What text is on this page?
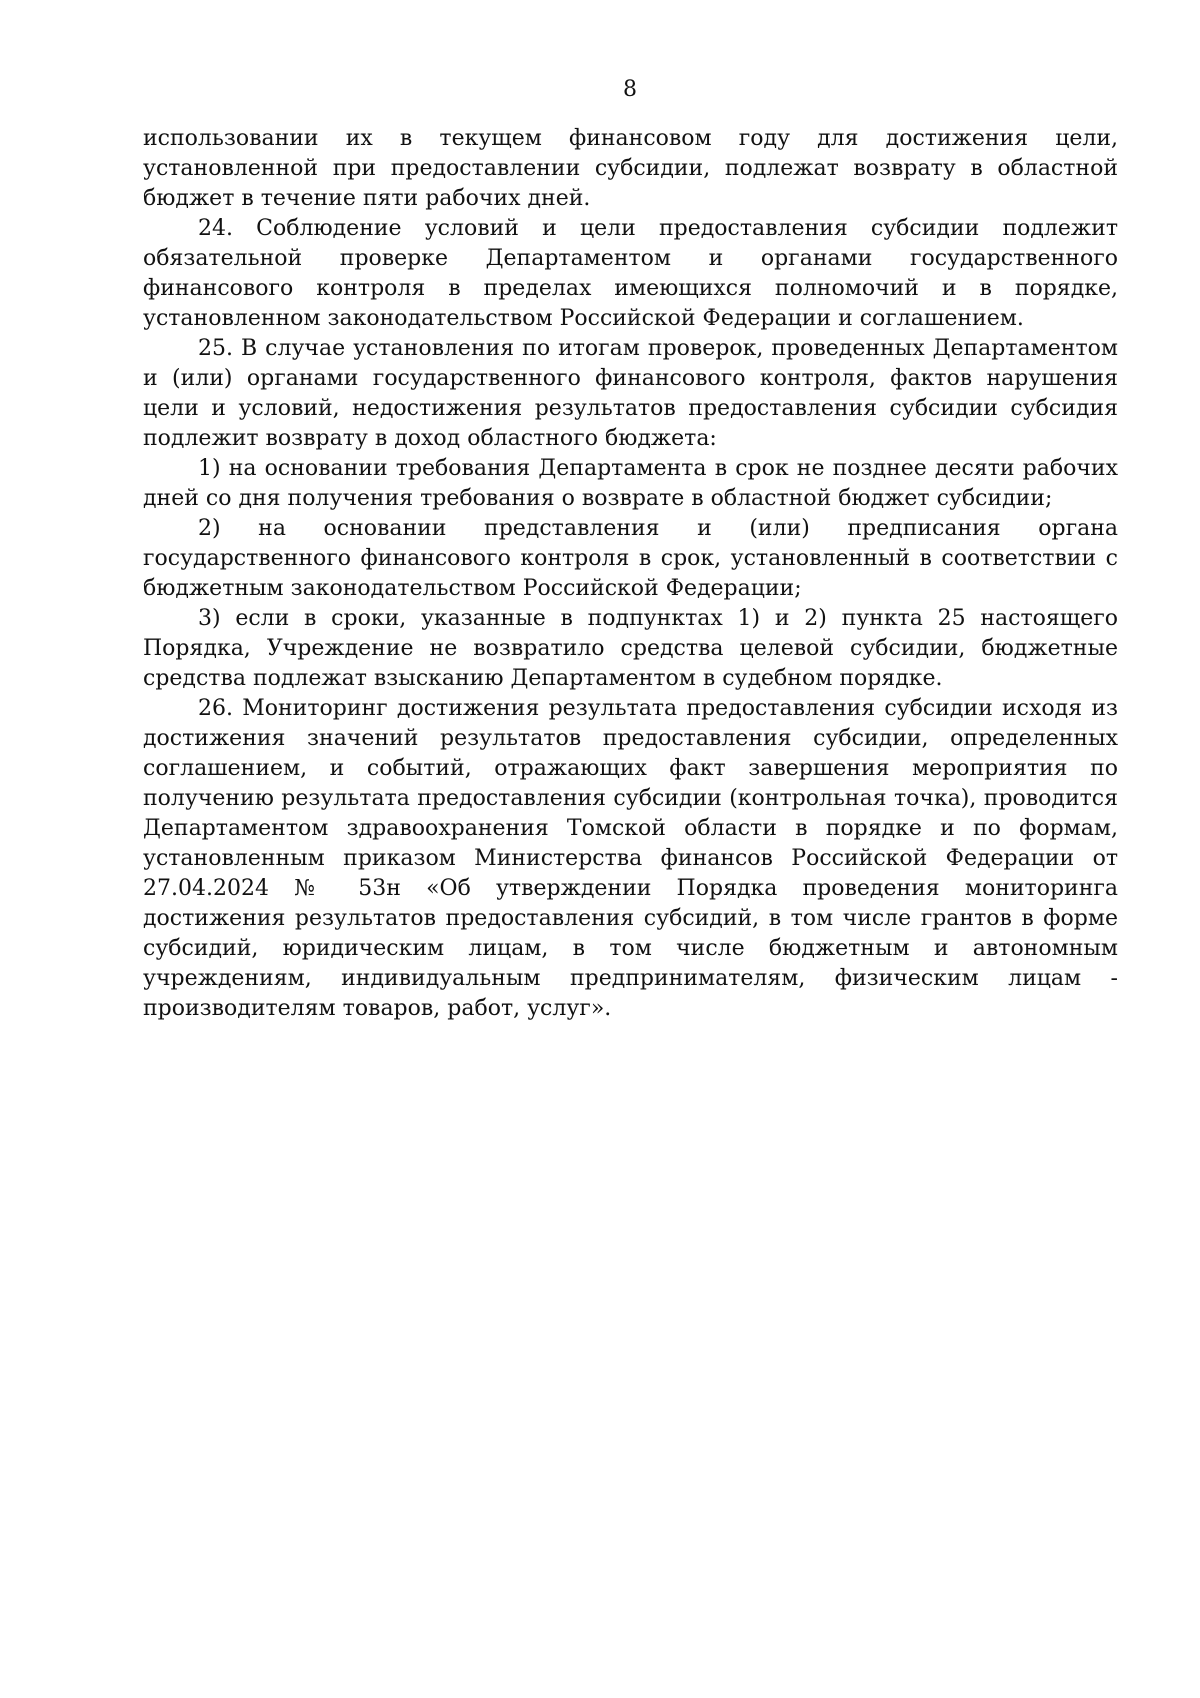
8

использовании их в текущем финансовом году для достижения цели, установленной при предоставлении субсидии, подлежат возврату в областной бюджет в течение пяти рабочих дней.

24. Соблюдение условий и цели предоставления субсидии подлежит обязательной проверке Департаментом и органами государственного финансового контроля в пределах имеющихся полномочий и в порядке, установленном законодательством Российской Федерации и соглашением.

25. В случае установления по итогам проверок, проведенных Департаментом и (или) органами государственного финансового контроля, фактов нарушения цели и условий, недостижения результатов предоставления субсидии субсидия подлежит возврату в доход областного бюджета:

1) на основании требования Департамента в срок не позднее десяти рабочих дней со дня получения требования о возврате в областной бюджет субсидии;

2) на основании представления и (или) предписания органа государственного финансового контроля в срок, установленный в соответствии с бюджетным законодательством Российской Федерации;

3) если в сроки, указанные в подпунктах 1) и 2) пункта 25 настоящего Порядка, Учреждение не возвратило средства целевой субсидии, бюджетные средства подлежат взысканию Департаментом в судебном порядке.

26. Мониторинг достижения результата предоставления субсидии исходя из достижения значений результатов предоставления субсидии, определенных соглашением, и событий, отражающих факт завершения мероприятия по получению результата предоставления субсидии (контрольная точка), проводится Департаментом здравоохранения Томской области в порядке и по формам, установленным приказом Министерства финансов Российской Федерации от 27.04.2024 № 53н «Об утверждении Порядка проведения мониторинга достижения результатов предоставления субсидий, в том числе грантов в форме субсидий, юридическим лицам, в том числе бюджетным и автономным учреждениям, индивидуальным предпринимателям, физическим лицам - производителям товаров, работ, услуг».
